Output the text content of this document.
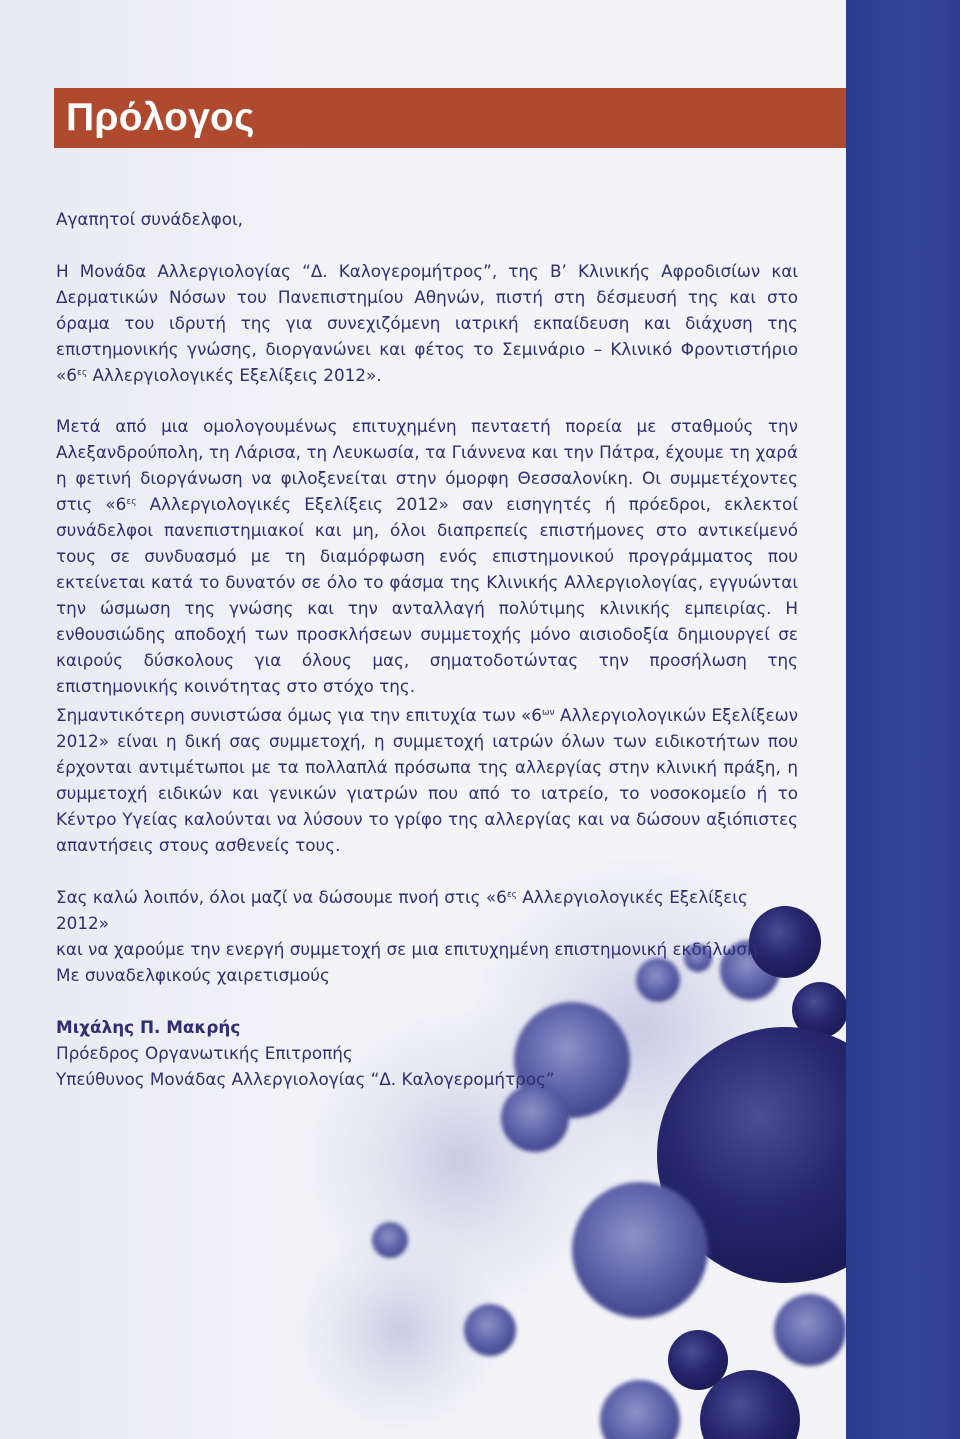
Πρόλογος

Αγαπητοί συνάδελφοι,

Η Μονάδα Αλλεργιολογίας “Δ. Καλογερομήτρος”, της Β’ Κλινικής Αφροδισίων και Δερματικών Νόσων του Πανεπιστημίου Αθηνών, πιστή στη δέσμευσή της και στο όραμα του ιδρυτή της για συνεχιζόμενη ιατρική εκπαίδευση και διάχυση της επιστημονικής γνώσης, διοργανώνει και φέτος το Σεμινάριο – Κλινικό Φροντιστήριο «$6^{\varepsilon\varsigma}$ Αλλεργιολογικές Εξελίξεις 2012».

Μετά από μια ομολογουμένως επιτυχημένη πενταετή πορεία με σταθμούς την Αλεξανδρούπολη, τη Λάρισα, τη Λευκωσία, τα Γιάννενα και την Πάτρα, έχουμε τη χαρά η φετινή διοργάνωση να φιλοξενείται στην όμορφη Θεσσαλονίκη. Οι συμμετέχοντες στις «$6^{\varepsilon\varsigma}$ Αλλεργιολογικές Εξελίξεις 2012» σαν εισηγητές ή πρόεδροι, εκλεκτοί συνάδελφοι πανεπιστημιακοί και μη, όλοι διαπρεπείς επιστήμονες στο αντικείμενό τους σε συνδυασμό με τη διαμόρφωση ενός επιστημονικού προγράμματος που εκτείνεται κατά το δυνατόν σε όλο το φάσμα της Κλινικής Αλλεργιολογίας, εγγυώνται την ώσμωση της γνώσης και την ανταλλαγή πολύτιμης κλινικής εμπειρίας. Η ενθουσιώδης αποδοχή των προσκλήσεων συμμετοχής μόνο αισιοδοξία δημιουργεί σε καιρούς δύσκολους για όλους μας, σηματοδοτώντας την προσήλωση της επιστημονικής κοινότητας στο στόχο της.

Σημαντικότερη συνιστώσα όμως για την επιτυχία των «$6^{\omega\nu}$ Αλλεργιολογικών Εξελίξεων 2012» είναι η δική σας συμμετοχή, η συμμετοχή ιατρών όλων των ειδικοτήτων που έρχονται αντιμέτωποι με τα πολλαπλά πρόσωπα της αλλεργίας στην κλινική πράξη, η συμμετοχή ειδικών και γενικών γιατρών που από το ιατρείο, το νοσοκομείο ή το Κέντρο Υγείας καλούνται να λύσουν το γρίφο της αλλεργίας και να δώσουν αξιόπιστες απαντήσεις στους ασθενείς τους.

Σας καλώ λοιπόν, όλοι μαζί να δώσουμε πνοή στις «$6^{\varepsilon\varsigma}$ Αλλεργιολογικές Εξελίξεις 2012»

και να χαρούμε την ενεργή συμμετοχή σε μια επιτυχημένη επιστημονική εκδήλωση.

Με συναδελφικούς χαιρετισμούς

Μιχάλης Π. Μακρής

Πρόεδρος Οργανωτικής Επιτροπής

Υπεύθυνος Μονάδας Αλλεργιολογίας “Δ. Καλογερομήτρος”
